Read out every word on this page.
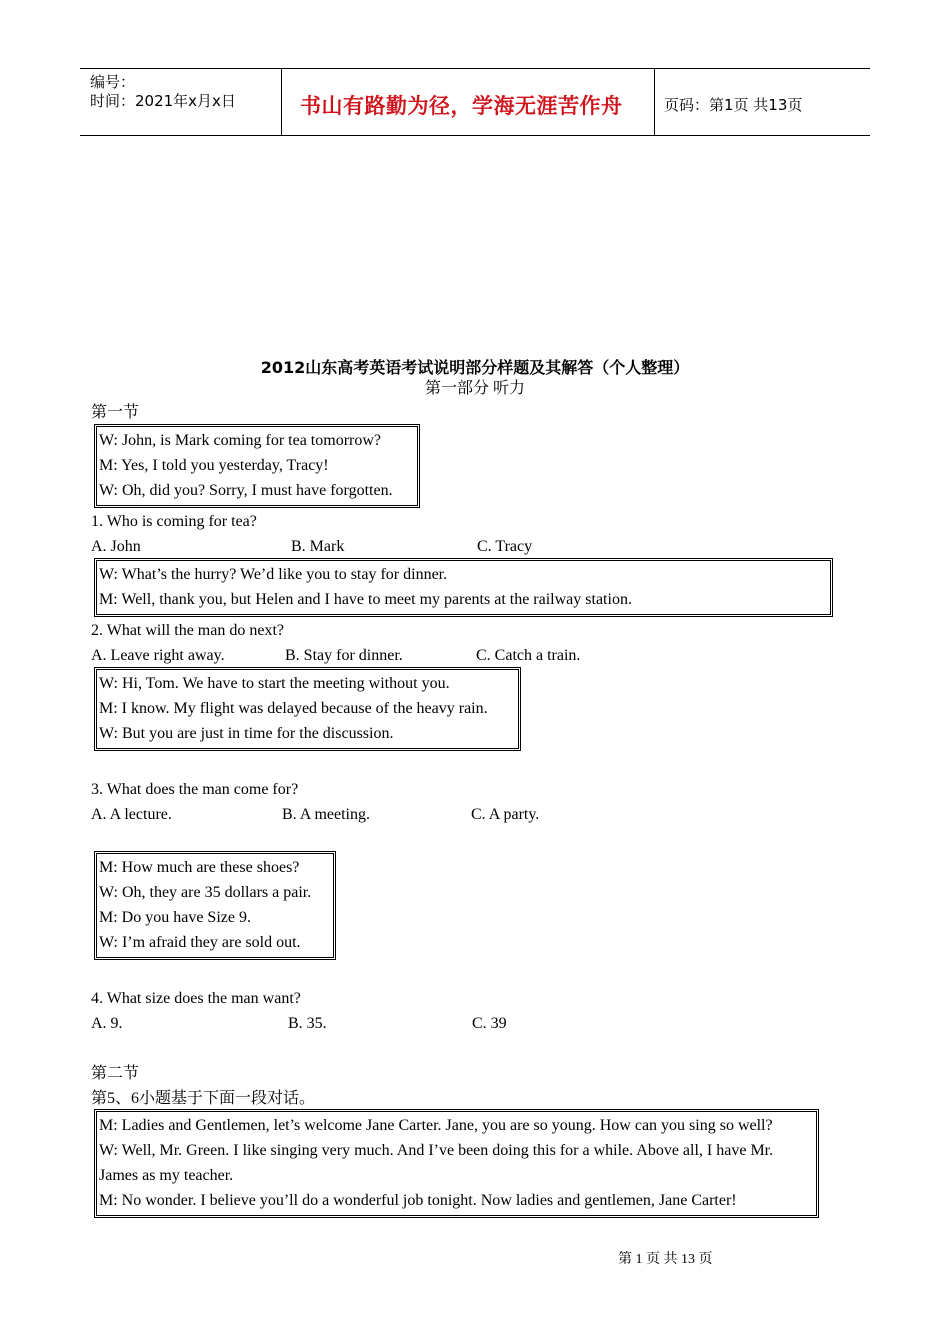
编号：
时间：2021年x月x日	书山有路勤为径，学海无涯苦作舟	页码：第1页 共13页
2012山东高考英语考试说明部分样题及其解答（个人整理）
第一部分 听力
第一节
W: John, is Mark coming for tea tomorrow?
M: Yes, I told you yesterday, Tracy!
W: Oh, did you? Sorry, I must have forgotten.
1. Who is coming for tea?
A. John	B. Mark	C. Tracy
W: What’s the hurry? We’d like you to stay for dinner.
M: Well, thank you, but Helen and I have to meet my parents at the railway station.
2. What will the man do next?
A. Leave right away.	B. Stay for dinner.	C. Catch a train.
W: Hi, Tom. We have to start the meeting without you.
M: I know. My flight was delayed because of the heavy rain.
W: But you are just in time for the discussion.
3. What does the man come for?
A. A lecture.	B. A meeting.	C. A party.
M: How much are these shoes?
W: Oh, they are 35 dollars a pair.
M: Do you have Size 9.
W: I’m afraid they are sold out.
4. What size does the man want?
A. 9.	B. 35.	C. 39
第二节
第5、6小题基于下面一段对话。
M: Ladies and Gentlemen, let’s welcome Jane Carter. Jane, you are so young. How can you sing so well?
W: Well, Mr. Green. I like singing very much. And I’ve been doing this for a while. Above all, I have Mr. James as my teacher.
M: No wonder. I believe you’ll do a wonderful job tonight. Now ladies and gentlemen, Jane Carter!
第 1 页 共 13 页
